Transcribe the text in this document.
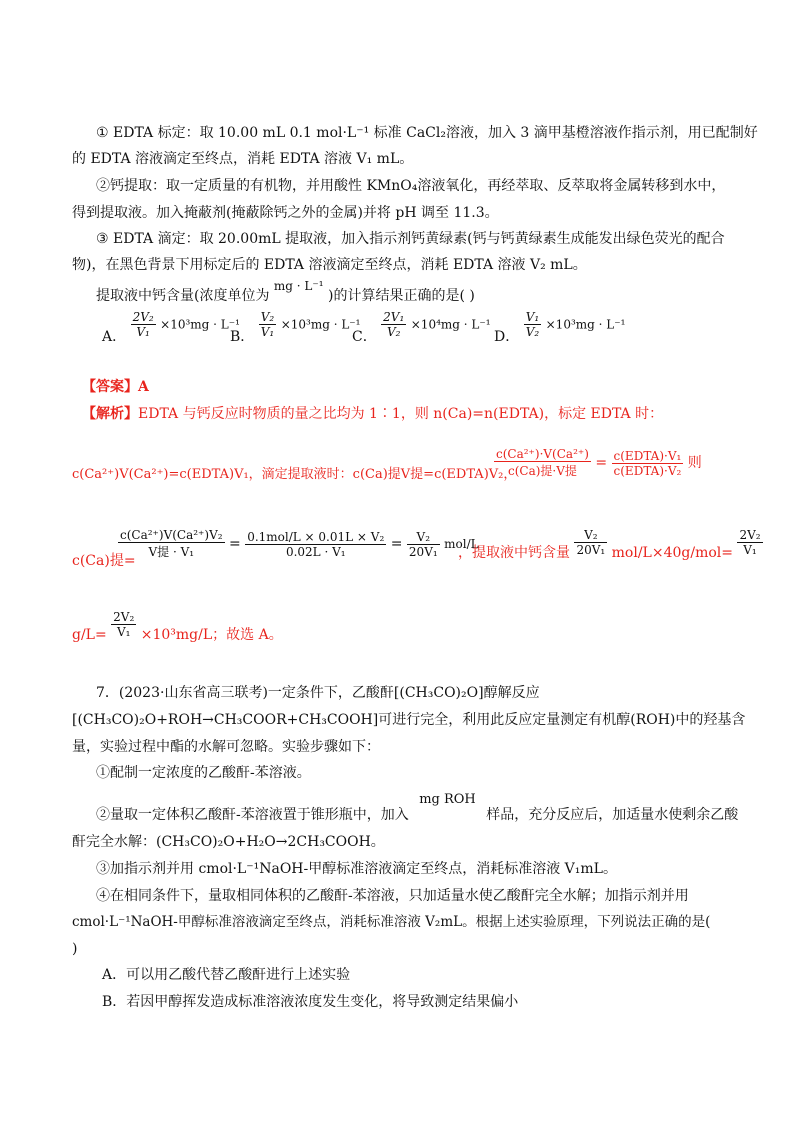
① EDTA 标定：取 10.00 mL 0.1 mol·L⁻¹ 标准 CaCl₂溶液，加入 3 滴甲基橙溶液作指示剂，用已配制好
的 EDTA 溶液滴定至终点，消耗 EDTA 溶液 V₁ mL。
②钙提取：取一定质量的有机物，并用酸性 KMnO₄溶液氧化，再经萃取、反萃取将金属转移到水中，
得到提取液。加入掩蔽剂(掩蔽除钙之外的金属)并将 pH 调至 11.3。
③ EDTA 滴定：取 20.00mL 提取液，加入指示剂钙黄绿素(钙与钙黄绿素生成能发出绿色荧光的配合
物)，在黑色背景下用标定后的 EDTA 溶液滴定至终点，消耗 EDTA 溶液 V₂ mL。
提取液中钙含量(浓度单位为 mg · L⁻¹ )的计算结果正确的是( )
A． $\frac{\text{2V₂}}{\text{V₁}} \times 10^3mg \cdot L^{-1}$
B． $\frac{\text{V₂}}{\text{V₁}} \times 10^3mg \cdot L^{-1}$
C． $\frac{\text{2V₁}}{\text{V₂}} \times 10^4mg \cdot L^{-1}$
D． $\frac{\text{V₁}}{\text{V₂}} \times 10^3mg \cdot L^{-1}$
【答案】A
【解析】EDTA 与钙反应时物质的量之比均为 1∶1，则 n(Ca)=n(EDTA)，标定 EDTA 时：
c(Ca²⁺)V(Ca²⁺)=c(EDTA)V₁，滴定提取液时：c(Ca)提V提=c(EDTA)V₂，
$\frac{\text{c(Ca²⁺)·V(Ca²⁺)}}{\text{c(Ca)提·V提}} = \frac{\text{c(EDTA)·V₁}}{\text{c(EDTA)·V₂}}$ 则
c(Ca)提=
$\frac{\text{c(Ca²⁺)V(Ca²⁺)V₂}}{\text{V提 · V₁}} = \frac{\text{0.1mol/L × 0.01L × V₂}}{\text{0.02L · V₁}} = \frac{\text{V₂}}{\text{20V₁}} mol/L$
，提取液中钙含量 $\frac{\text{V₂}}{\text{20V₁}} mol/L\times 40g/mol= \frac{\text{2V₂}}{\text{V₁}}$
$g/L= \frac{\text{2V₂}}{\text{V₁}} \times 10^3mg/L$；故选 A。
7．(2023·山东省高三联考)一定条件下，乙酸酐[(CH₃CO)₂O]醇解反应
[(CH₃CO)₂O+ROH→CH₃COOR+CH₃COOH]可进行完全，利用此反应定量测定有机醇(ROH)中的羟基含
量，实验过程中酯的水解可忽略。实验步骤如下：
①配制一定浓度的乙酸酐-苯溶液。
②量取一定体积乙酸酐-苯溶液置于锥形瓶中，加入 mg ROH 样品，充分反应后，加适量水使剩余乙酸
酐完全水解：(CH₃CO)₂O+H₂O→2CH₃COOH。
③加指示剂并用 cmol·L⁻¹NaOH-甲醇标准溶液滴定至终点，消耗标准溶液 V₁mL。
④在相同条件下，量取相同体积的乙酸酐-苯溶液，只加适量水使乙酸酐完全水解；加指示剂并用
cmol·L⁻¹NaOH-甲醇标准溶液滴定至终点，消耗标准溶液 V₂mL。根据上述实验原理，下列说法正确的是(
)
A．可以用乙酸代替乙酸酐进行上述实验
B．若因甲醇挥发造成标准溶液浓度发生变化，将导致测定结果偏小
